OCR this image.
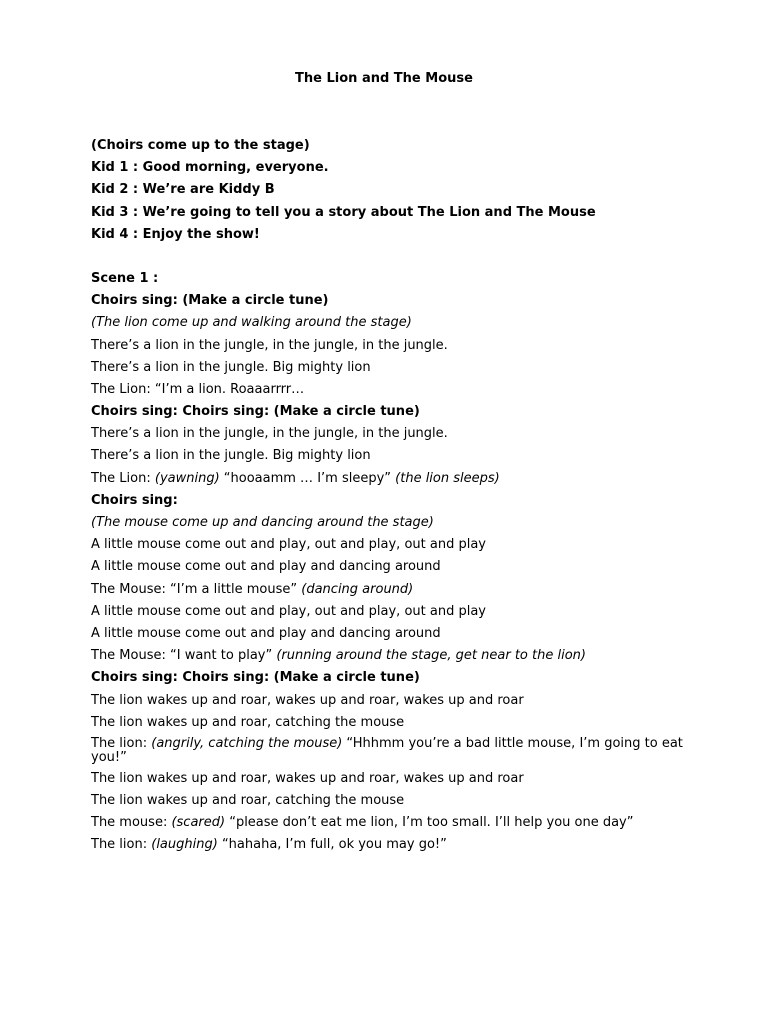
The Lion and The Mouse
(Choirs come up to the stage)
Kid 1 : Good morning, everyone.
Kid 2 : We’re are Kiddy B
Kid 3 : We’re going to tell you a story about The Lion and The Mouse
Kid 4 : Enjoy the show!
Scene 1 :
Choirs sing: (Make a circle tune)
(The lion come up and walking around the stage)
There’s a lion in the jungle, in the jungle, in the jungle.
There’s a lion in the jungle. Big mighty lion
The Lion: “I’m a lion. Roaaarrrr…
Choirs sing: Choirs sing: (Make a circle tune)
There’s a lion in the jungle, in the jungle, in the jungle.
There’s a lion in the jungle. Big mighty lion
The Lion: (yawning) “hooaamm … I’m sleepy” (the lion sleeps)
Choirs sing:
(The mouse come up and dancing around the stage)
A little mouse come out and play, out and play, out and play
A little mouse come out and play and dancing around
The Mouse: “I’m a little mouse” (dancing around)
A little mouse come out and play, out and play, out and play
A little mouse come out and play and dancing around
The Mouse: “I want to play” (running around the stage, get near to the lion)
Choirs sing: Choirs sing: (Make a circle tune)
The lion wakes up and roar, wakes up and roar, wakes up and roar
The lion wakes up and roar, catching the mouse
The lion: (angrily, catching the mouse) “Hhhmm you’re a bad little mouse, I’m going to eat you!”
The lion wakes up and roar, wakes up and roar, wakes up and roar
The lion wakes up and roar, catching the mouse
The mouse: (scared) “please don’t eat me lion, I’m too small. I’ll help you one day”
The lion: (laughing) “hahaha, I’m full, ok you may go!”
